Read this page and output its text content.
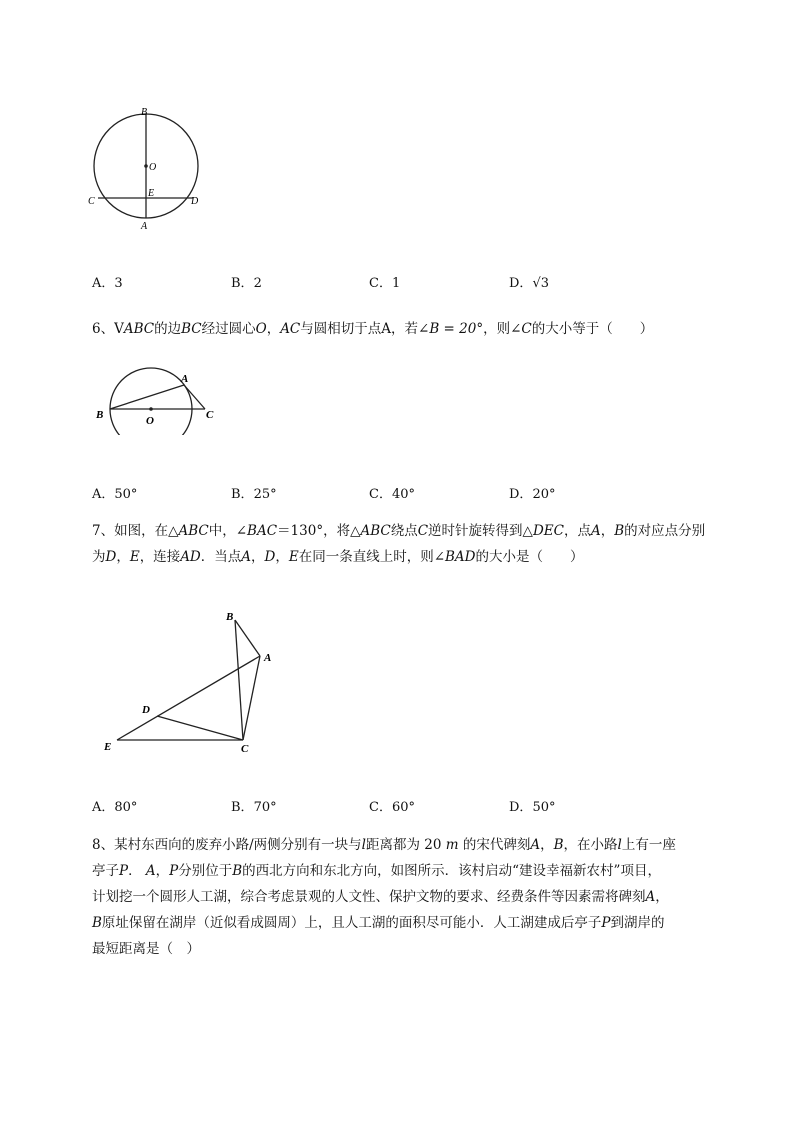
B
O
E
C	D
A
A．3	B．2	C．1	D．√3
6、VABC的边BC经过圆心O，AC与圆相切于点A，若∠B = 20°，则∠C的大小等于（　　）
A
B	O	C
A．50°	B．25°	C．40°	D．20°
7、如图，在△ABC中，∠BAC＝130°，将△ABC绕点C逆时针旋转得到△DEC，点A，B的对应点分别
为D，E，连接AD．当点A，D，E在同一条直线上时，则∠BAD的大小是（　　）
B
A
D
E	C
A．80°	B．70°	C．60°	D．50°
8、某村东西向的废弃小路/两侧分别有一块与l距离都为 20 m 的宋代碑刻A，B，在小路l上有一座
亭子P． A，P分别位于B的西北方向和东北方向，如图所示．该村启动“建设幸福新农村”项目，
计划挖一个圆形人工湖，综合考虑景观的人文性、保护文物的要求、经费条件等因素需将碑刻A，
B原址保留在湖岸（近似看成圆周）上，且人工湖的面积尽可能小．人工湖建成后亭子P到湖岸的
最短距离是（　）
